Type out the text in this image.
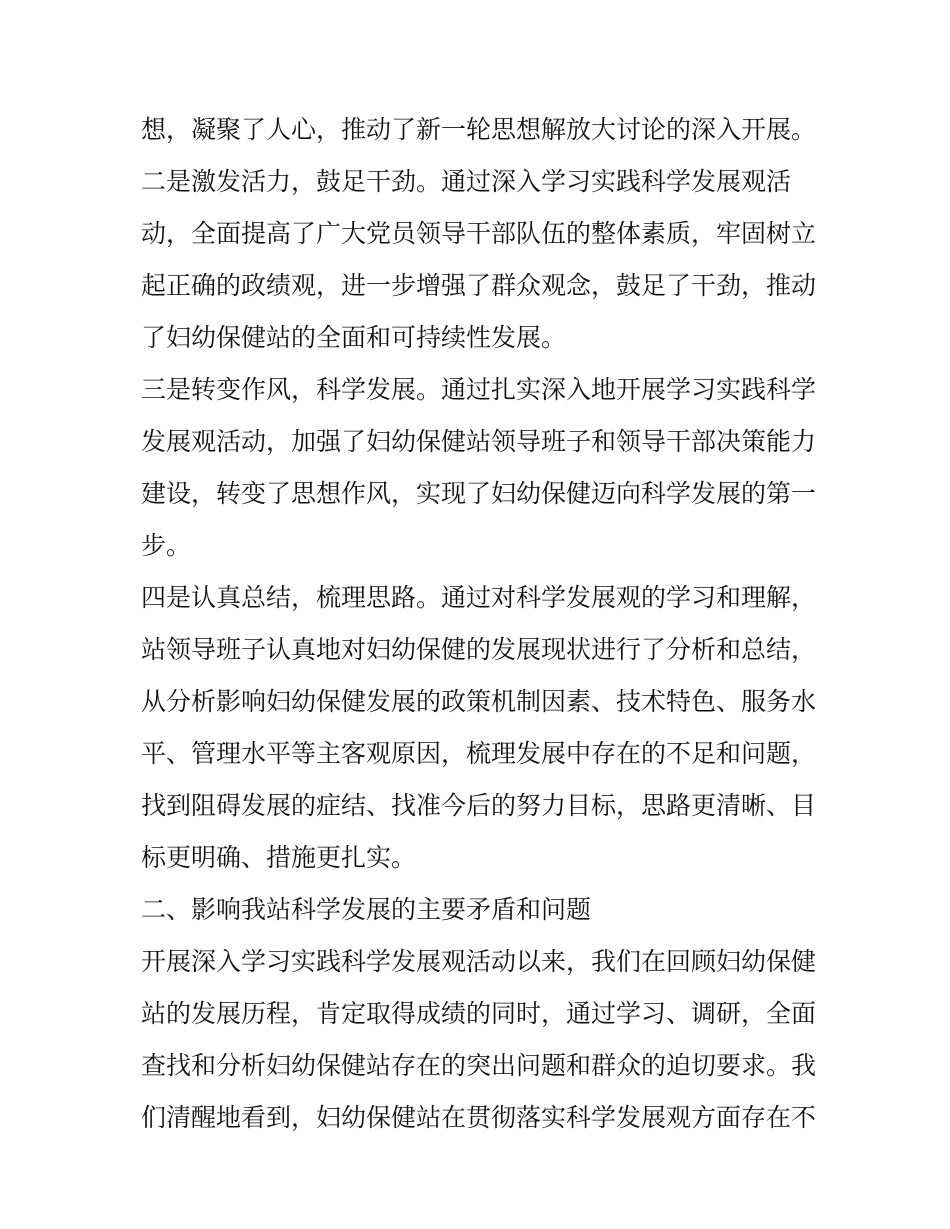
想，凝聚了人心，推动了新一轮思想解放大讨论的深入开展。
二是激发活力，鼓足干劲。通过深入学习实践科学发展观活
动，全面提高了广大党员领导干部队伍的整体素质，牢固树立
起正确的政绩观，进一步增强了群众观念，鼓足了干劲，推动
了妇幼保健站的全面和可持续性发展。
三是转变作风，科学发展。通过扎实深入地开展学习实践科学
发展观活动，加强了妇幼保健站领导班子和领导干部决策能力
建设，转变了思想作风，实现了妇幼保健迈向科学发展的第一
步。
四是认真总结，梳理思路。通过对科学发展观的学习和理解，
站领导班子认真地对妇幼保健的发展现状进行了分析和总结，
从分析影响妇幼保健发展的政策机制因素、技术特色、服务水
平、管理水平等主客观原因，梳理发展中存在的不足和问题，
找到阻碍发展的症结、找准今后的努力目标，思路更清晰、目
标更明确、措施更扎实。
二、影响我站科学发展的主要矛盾和问题
开展深入学习实践科学发展观活动以来，我们在回顾妇幼保健
站的发展历程，肯定取得成绩的同时，通过学习、调研，全面
查找和分析妇幼保健站存在的突出问题和群众的迫切要求。我
们清醒地看到，妇幼保健站在贯彻落实科学发展观方面存在不
